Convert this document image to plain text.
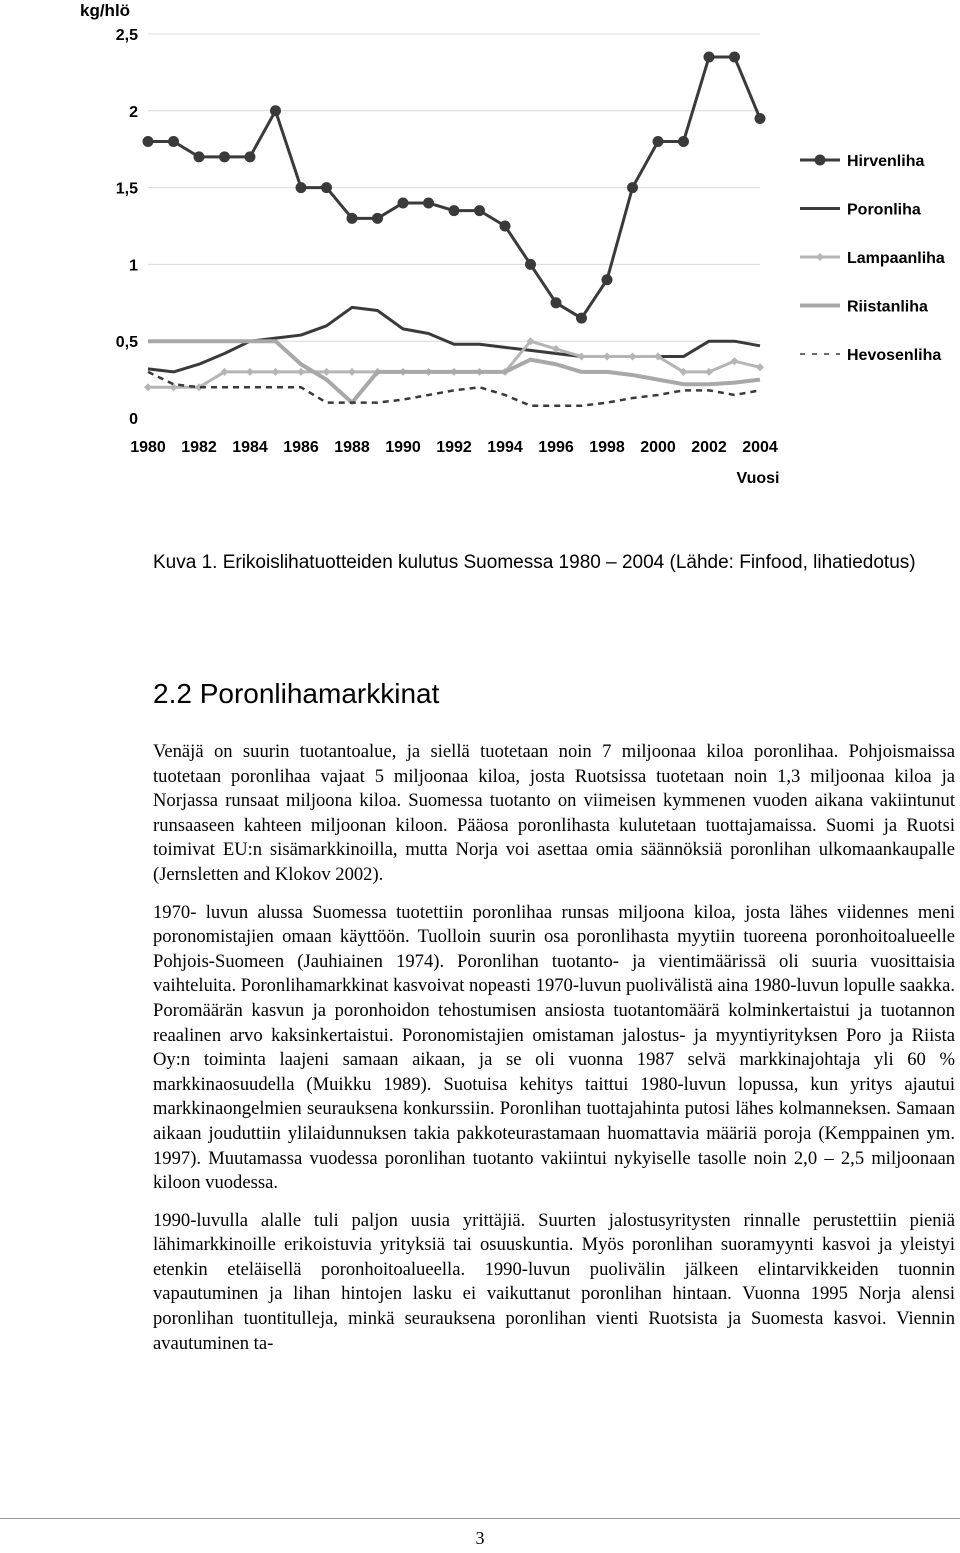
kg/hlö
0
0,5
1
1,5
2
2,5
1980 1982 1984 1986 1988 1990 1992 1994 1996 1998 2000 2002 2004
Vuosi
Hirvenliha
Poronliha
Lampaanliha
Riistanliha
Hevosenliha
Kuva 1. Erikoislihatuotteiden kulutus Suomessa 1980 – 2004 (Lähde: Finfood, lihatiedotus)
2.2 Poronlihamarkkinat

Venäjä on suurin tuotantoalue, ja siellä tuotetaan noin 7 miljoonaa kiloa poronlihaa. Pohjoismaissa tuotetaan poronlihaa vajaat 5 miljoonaa kiloa, josta Ruotsissa tuotetaan noin 1,3 miljoonaa kiloa ja Norjassa runsaat miljoona kiloa. Suomessa tuotanto on viimeisen kymmenen vuoden aikana vakiintunut runsaaseen kahteen miljoonan kiloon. Pääosa poronlihasta kulutetaan tuottajamaissa. Suomi ja Ruotsi toimivat EU:n sisämarkkinoilla, mutta Norja voi asettaa omia säännöksiä poronlihan ulkomaankaupalle (Jernsletten and Klokov 2002).

1970- luvun alussa Suomessa tuotettiin poronlihaa runsas miljoona kiloa, josta lähes viidennes meni poronomistajien omaan käyttöön. Tuolloin suurin osa poronlihasta myytiin tuoreena poronhoitoalueelle Pohjois-Suomeen (Jauhiainen 1974). Poronlihan tuotanto- ja vientimäärissä oli suuria vuosittaisia vaihteluita. Poronlihamarkkinat kasvoivat nopeasti 1970-luvun puolivälistä aina 1980-luvun lopulle saakka. Poromäärän kasvun ja poronhoidon tehostumisen ansiosta tuotantomäärä kolminkertaistui ja tuotannon reaalinen arvo kaksinkertaistui. Poronomistajien omistaman jalostus- ja myyntiyrityksen Poro ja Riista Oy:n toiminta laajeni samaan aikaan, ja se oli vuonna 1987 selvä markkinajohtaja yli 60 % markkinaosuudella (Muikku 1989). Suotuisa kehitys taittui 1980-luvun lopussa, kun yritys ajautui markkinaongelmien seurauksena konkurssiin. Poronlihan tuottajahinta putosi lähes kolmanneksen. Samaan aikaan jouduttiin ylilaidunnuksen takia pakkoteurastamaan huomattavia määriä poroja (Kemppainen ym. 1997). Muutamassa vuodessa poronlihan tuotanto vakiintui nykyiselle tasolle noin 2,0 – 2,5 miljoonaan kiloon vuodessa.

1990-luvulla alalle tuli paljon uusia yrittäjiä. Suurten jalostusyritysten rinnalle perustettiin pieniä lähimarkkinoille erikoistuvia yrityksiä tai osuuskuntia. Myös poronlihan suoramyynti kasvoi ja yleistyi etenkin eteläisellä poronhoitoalueella. 1990-luvun puolivälin jälkeen elintarvikkeiden tuonnin vapautuminen ja lihan hintojen lasku ei vaikuttanut poronlihan hintaan. Vuonna 1995 Norja alensi poronlihan tuontitulleja, minkä seurauksena poronlihan vienti Ruotsista ja Suomesta kasvoi. Viennin avautuminen ta-

3
